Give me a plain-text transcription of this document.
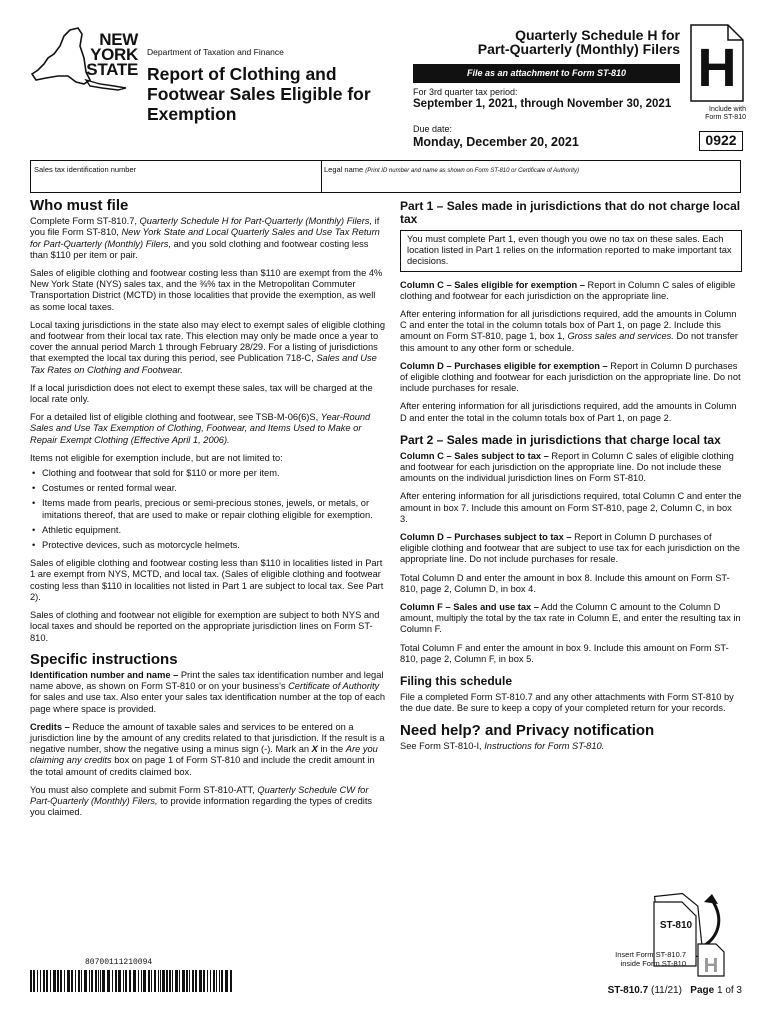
NEW
YORK
STATE
Department of Taxation and Finance
Report of Clothing and Footwear Sales Eligible for Exemption
Quarterly Schedule H for
Part-Quarterly (Monthly) Filers
File as an attachment to Form ST-810	H
For 3rd quarter tax period:
September 1, 2021, through November 30, 2021	Include with
Form ST-810
Due date:
Monday, December 20, 2021	0922
Sales tax identification number	Legal name (Print ID number and name as shown on Form ST-810 or Certificate of Authority)
Who must file

Complete Form ST-810.7, Quarterly Schedule H for Part-Quarterly (Monthly) Filers, if you file Form ST-810, New York State and Local Quarterly Sales and Use Tax Return for Part-Quarterly (Monthly) Filers, and you sold clothing and footwear costing less than $110 per item or pair.

Sales of eligible clothing and footwear costing less than $110 are exempt from the 4% New York State (NYS) sales tax, and the ⅜% tax in the Metropolitan Commuter Transportation District (MCTD) in those localities that provide the exemption, as well as some local taxes.

Local taxing jurisdictions in the state also may elect to exempt sales of eligible clothing and footwear from their local tax rate. This election may only be made once a year to cover the annual period March 1 through February 28/29. For a listing of jurisdictions that exempted the local tax during this period, see Publication 718-C, Sales and Use Tax Rates on Clothing and Footwear.

If a local jurisdiction does not elect to exempt these sales, tax will be charged at the local rate only.

For a detailed list of eligible clothing and footwear, see TSB-M-06(6)S, Year-Round Sales and Use Tax Exemption of Clothing, Footwear, and Items Used to Make or Repair Exempt Clothing (Effective April 1, 2006).

Items not eligible for exemption include, but are not limited to:

• Clothing and footwear that sold for $110 or more per item.
• Costumes or rented formal wear.
• Items made from pearls, precious or semi-precious stones, jewels, or metals, or imitations thereof, that are used to make or repair clothing eligible for exemption.
• Athletic equipment.
• Protective devices, such as motorcycle helmets.

Sales of eligible clothing and footwear costing less than $110 in localities listed in Part 1 are exempt from NYS, MCTD, and local tax. (Sales of eligible clothing and footwear costing less than $110 in localities not listed in Part 1 are subject to local tax. See Part 2).

Sales of clothing and footwear not eligible for exemption are subject to both NYS and local taxes and should be reported on the appropriate jurisdiction lines on Form ST-810.

Specific instructions

Identification number and name – Print the sales tax identification number and legal name above, as shown on Form ST-810 or on your business's Certificate of Authority for sales and use tax. Also enter your sales tax identification number at the top of each page where space is provided.

Credits – Reduce the amount of taxable sales and services to be entered on a jurisdiction line by the amount of any credits related to that jurisdiction. If the result is a negative number, show the negative using a minus sign (-). Mark an X in the Are you claiming any credits box on page 1 of Form ST-810 and include the credit amount in the total amount of credits claimed box.

You must also complete and submit Form ST-810-ATT, Quarterly Schedule CW for Part-Quarterly (Monthly) Filers, to provide information regarding the types of credits you claimed.

Part 1 – Sales made in jurisdictions that do not charge local tax
You must complete Part 1, even though you owe no tax on these sales. Each location listed in Part 1 relies on the information reported to make important tax decisions.

Column C – Sales eligible for exemption – Report in Column C sales of eligible clothing and footwear for each jurisdiction on the appropriate line.

After entering information for all jurisdictions required, add the amounts in Column C and enter the total in the column totals box of Part 1, on page 2. Include this amount on Form ST-810, page 1, box 1, Gross sales and services. Do not transfer this amount to any other form or schedule.

Column D – Purchases eligible for exemption – Report in Column D purchases of eligible clothing and footwear for each jurisdiction on the appropriate line. Do not include purchases for resale.

After entering information for all jurisdictions required, add the amounts in Column D and enter the total in the column totals box of Part 1, on page 2.

Part 2 – Sales made in jurisdictions that charge local tax

Column C – Sales subject to tax – Report in Column C sales of eligible clothing and footwear for each jurisdiction on the appropriate line. Do not include these amounts on the individual jurisdiction lines on Form ST-810.

After entering information for all jurisdictions required, total Column C and enter the amount in box 7. Include this amount on Form ST-810, page 2, Column C, in box 3.

Column D – Purchases subject to tax – Report in Column D purchases of eligible clothing and footwear that are subject to use tax for each jurisdiction on the appropriate line. Do not include purchases for resale.

Total Column D and enter the amount in box 8. Include this amount on Form ST-810, page 2, Column D, in box 4.

Column F – Sales and use tax – Add the Column C amount to the Column D amount, multiply the total by the tax rate in Column E, and enter the resulting tax in Column F.

Total Column F and enter the amount in box 9. Include this amount on Form ST-810, page 2, Column F, in box 5.

Filing this schedule

File a completed Form ST-810.7 and any other attachments with Form ST-810 by the due date. Be sure to keep a copy of your completed return for your records.

Need help? and Privacy notification

See Form ST-810-I, Instructions for Form ST-810.

80700111210094
ST-810
H
Insert Form ST-810.7
inside Form ST-810
ST-810.7 (11/21) Page 1 of 3
